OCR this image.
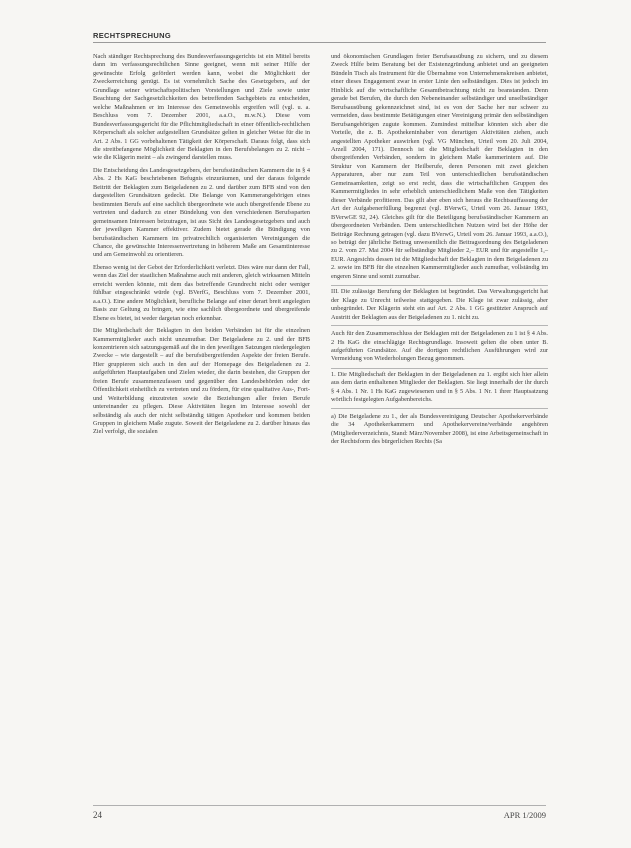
RECHTSPRECHUNG

Nach ständiger Rechtsprechung des Bundesverfassungsgerichts ist ein Mittel bereits dann im verfassungsrechtlichen Sinne geeignet, wenn mit seiner Hilfe der gewünschte Erfolg gefördert werden kann, wobei die Möglichkeit der Zweckerreichung genügt. Es ist vornehmlich Sache des Gesetzgebers, auf der Grundlage seiner wirtschaftspolitischen Vorstellungen und Ziele sowie unter Beachtung der Sachgesetzlichkeiten des betreffenden Sachgebiets zu entscheiden, welche Maßnahmen er im Interesse des Gemeinwohls ergreifen will (vgl. u. a. Beschluss vom 7. Dezember 2001, a.a.O., m.w.N.). Diese vom Bundesverfassungsgericht für die Pflichtmitgliedschaft in einer öffentlich-rechtlichen Körperschaft als solcher aufgestellten Grundsätze gelten in gleicher Weise für die in Art. 2 Abs. 1 GG vorbehaltenen Tätigkeit der Körperschaft. Daraus folgt, dass sich die streitbefangene Möglichkeit der Beklagten in den Berufsbelangen zu 2. nicht – wie die Klägerin meint – als zwingend darstellen muss.

Die Entscheidung des Landesgesetzgebers, der berufsständischen Kammern die in § 4 Abs. 2 Hs KaG beschriebenen Befugnis einzuräumen, und der daraus folgende Beitritt der Beklagten zum Beigeladenen zu 2. und darüber zum BFB sind von den dargestellten Grundsätzen gedeckt. Die Belange von Kammerangehörigen eines bestimmten Berufs auf eine sachlich übergeordnete wie auch übergreifende Ebene zu vertreten und dadurch zu einer Bündelung von den verschiedenen Berufssparten gemeinsamen Interessen beizutragen, ist aus Sicht des Landesgesetzgebers und auch der jeweiligen Kammer effektiver. Zudem bietet gerade die Bündigung von berufsständischen Kammern im privatrechtlich organisierten Vereinigungen die Chance, die gewünschte Interessenvertretung in höherem Maße am Gesamtinteresse und am Gemeinwohl zu orientieren.

Ebenso wenig ist der Gebot der Erforderlichkeit verletzt. Dies wäre nur dann der Fall, wenn das Ziel der staatlichen Maßnahme auch mit anderen, gleich wirksamen Mitteln erreicht werden könnte, mit dem das betreffende Grundrecht nicht oder weniger fühlbar eingeschränkt würde (vgl. BVerfG, Beschluss vom 7. Dezember 2001, a.a.O.). Eine andere Möglichkeit, berufliche Belange auf einer derart breit angelegten Basis zur Geltung zu bringen, wie eine sachlich übergeordnete und übergreifende Ebene es bietet, ist weder dargetan noch erkennbar.

Die Mitgliedschaft der Beklagten in den beiden Verbänden ist für die einzelnen Kammermitglieder auch nicht unzumutbar. Der Beigeladene zu 2. und der BFB konzentrieren sich satzungsgemäß auf die in den jeweiligen Satzungen niedergelegten Zwecke – wie dargestellt – auf die berufsübergreifenden Aspekte der freien Berufe. Hier gruppieren sich auch in den auf der Homepage des Beigeladenen zu 2. aufgeführten Hauptaufgaben und Zielen wieder, die darin bestehen, die Gruppen der freien Berufe zusammenzufassen und gegenüber den Landesbehörden oder der Öffentlichkeit einheitlich zu vertreten und zu fördern, für eine qualitative Aus-, Fort- und Weiterbildung einzutreten sowie die Beziehungen aller freien Berufe untereinander zu pflegen. Diese Aktivitäten liegen im Interesse sowohl der selbständig als auch der nicht selbständig tätigen Apotheker und kommen beiden Gruppen in gleichem Maße zugute. Soweit der Beigeladene zu 2. darüber hinaus das Ziel verfolgt, die sozialen

und ökonomischen Grundlagen freier Berufsausübung zu sichern, und zu diesem Zweck Hilfe beim Beratung bei der Existenzgründung anbietet und an geeigneten Bündeln Tisch als Instrument für die Übernahme von Unternehmenskreisen anbietet, einer dieses Engagement zwar in erster Linie den selbständigen. Dies ist jedoch im Hinblick auf die wirtschaftliche Gesamtbetrachtung nicht zu beanstanden. Denn gerade bei Berufen, die durch den Nebeneinander selbständiger und unselbständiger Berufsausübung gekennzeichnet sind, ist es von der Sache her nur schwer zu vermeiden, dass bestimmte Betätigungen einer Vereinigung primär den selbständigen Berufsangehörigen zugute kommen. Zumindest mittelbar könnten sich aber die Vorteile, die z. B. Apothekeninhaber von derartigen Aktivitäten ziehen, auch angestellten Apotheker auswirken (vgl. VG München, Urteil vom 20. Juli 2004, Arzell 2004, 171). Dennoch ist die Mitgliedschaft der Beklagten in den übergreifenden Verbänden, sondern in gleichem Maße kammerintern auf. Die Struktur von Kammern der Heilberufe, deren Personen mit zwei gleichen Apparaturen, aber nur zum Teil von unterschiedlichen berufsständischen Gemeinsamkeiten, zeigt so erst recht, dass die wirtschaftlichen Gruppen des Kammermitgliedes in sehr erheblich unterschiedlichem Maße von den Tätigkeiten dieser Verbände profitieren. Das gilt aber eben sich heraus die Rechtsauffassung der Art der Aufgabenerfüllung begrenzt (vgl. BVerwG, Urteil vom 26. Januar 1993, BVerwGE 92, 24). Gleiches gilt für die Beteiligung berufsständischer Kammern an übergeordneten Verbänden. Dem unterschiedlichen Nutzen wird bei der Höhe der Beiträge Rechnung getragen (vgl. dazu BVerwG, Urteil vom 26. Januar 1993, a.a.O.), so beträgt der jährliche Beitrag unwesentlich die Beitragsordnung des Beigeladenen zu 2. vom 27. Mai 2004 für selbständige Mitglieder 2,– EUR und für angestellte 1,– EUR. Angesichts dessen ist die Mitgliedschaft der Beklagten in dem Beigeladenen zu 2. sowie im BFB für die einzelnen Kammermitglieder auch zumutbar, vollständig im engeren Sinne und somit zumutbar.

III. Die zulässige Berufung der Beklagten ist begründet. Das Verwaltungsgericht hat der Klage zu Unrecht teilweise stattgegeben. Die Klage ist zwar zulässig, aber unbegründet. Der Klägerin steht ein auf Art. 2 Abs. 1 GG gestützter Anspruch auf Austritt der Beklagten aus der Beigeladenen zu 1. nicht zu.

Auch für den Zusammenschluss der Beklagten mit der Beigeladenen zu 1 ist § 4 Abs. 2 Hs KaG die einschlägige Rechtsgrundlage. Insoweit gelten die oben unter B. aufgeführten Grundsätze. Auf die dortigen rechtlichen Ausführungen wird zur Vermeidung von Wiederholungen Bezug genommen.

1. Die Mitgliedschaft der Beklagten in der Beigeladenen zu 1. ergibt sich hier allein aus dem darin enthaltenen Mitglieder der Beklagten. Sie liegt innerhalb der ihr durch § 4 Abs. 1 Nr. 1 Hs KaG zugewiesenen und in § 5 Abs. 1 Nr. 1 ihrer Hauptsatzung wörtlich festgelegten Aufgabenbereichs.

a) Die Beigeladene zu 1., der als Bundesvereinigung Deutscher Apothekerverbände die 34 Apothekerkammern und Apothekervereine/verbände angehören (Mitgliederverzeichnis, Stand: März/November 2008), ist eine Arbeitsgemeinschaft in der Rechtsform des bürgerlichen Rechts (Sa

24	APR 1/2009
